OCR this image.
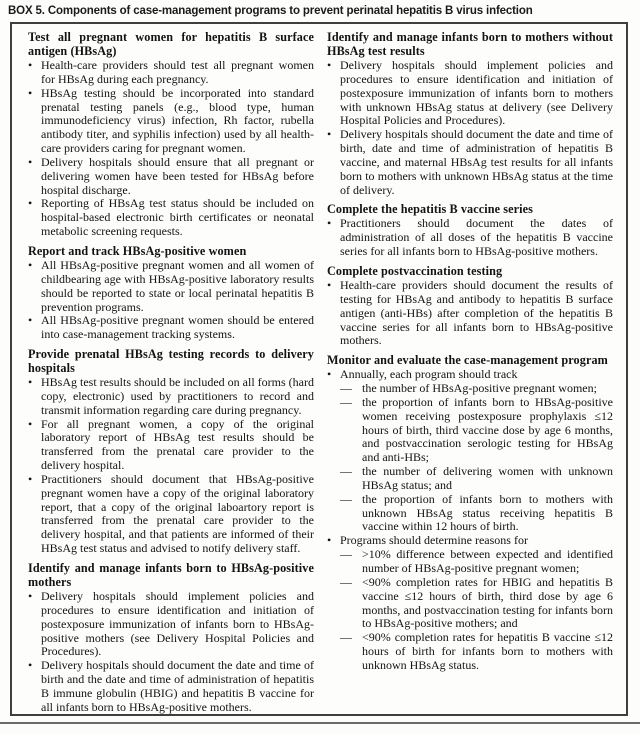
BOX 5. Components of case-management programs to prevent perinatal hepatitis B virus infection
Test all pregnant women for hepatitis B surface antigen (HBsAg)
• Health-care providers should test all pregnant women for HBsAg during each pregnancy.
• HBsAg testing should be incorporated into standard prenatal testing panels (e.g., blood type, human immunodeficiency virus) infection, Rh factor, rubella antibody titer, and syphilis infection) used by all health-care providers caring for pregnant women.
• Delivery hospitals should ensure that all pregnant or delivering women have been tested for HBsAg before hospital discharge.
• Reporting of HBsAg test status should be included on hospital-based electronic birth certificates or neonatal metabolic screening requests.
Report and track HBsAg-positive women
• All HBsAg-positive pregnant women and all women of childbearing age with HBsAg-positive laboratory results should be reported to state or local perinatal hepatitis B prevention programs.
• All HBsAg-positive pregnant women should be entered into case-management tracking systems.
Provide prenatal HBsAg testing records to delivery hospitals
• HBsAg test results should be included on all forms (hard copy, electronic) used by practitioners to record and transmit information regarding care during pregnancy.
• For all pregnant women, a copy of the original laboratory report of HBsAg test results should be transferred from the prenatal care provider to the delivery hospital.
• Practitioners should document that HBsAg-positive pregnant women have a copy of the original laboratory report, that a copy of the original laboartory report is transferred from the prenatal care provider to the delivery hospital, and that patients are informed of their HBsAg test status and advised to notify delivery staff.
Identify and manage infants born to HBsAg-positive mothers
• Delivery hospitals should implement policies and procedures to ensure identification and initiation of postexposure immunization of infants born to HBsAg-positive mothers (see Delivery Hospital Policies and Procedures).
• Delivery hospitals should document the date and time of birth and the date and time of administration of hepatitis B immune globulin (HBIG) and hepatitis B vaccine for all infants born to HBsAg-positive mothers.
Identify and manage infants born to mothers without HBsAg test results
• Delivery hospitals should implement policies and procedures to ensure identification and initiation of postexposure immunization of infants born to mothers with unknown HBsAg status at delivery (see Delivery Hospital Policies and Procedures).
• Delivery hospitals should document the date and time of birth, date and time of administration of hepatitis B vaccine, and maternal HBsAg test results for all infants born to mothers with unknown HBsAg status at the time of delivery.
Complete the hepatitis B vaccine series
• Practitioners should document the dates of administration of all doses of the hepatitis B vaccine series for all infants born to HBsAg-positive mothers.
Complete postvaccination testing
• Health-care providers should document the results of testing for HBsAg and antibody to hepatitis B surface antigen (anti-HBs) after completion of the hepatitis B vaccine series for all infants born to HBsAg-positive mothers.
Monitor and evaluate the case-management program
• Annually, each program should track
— the number of HBsAg-positive pregnant women;
— the proportion of infants born to HBsAg-positive women receiving postexposure prophylaxis ≤12 hours of birth, third vaccine dose by age 6 months, and postvaccination serologic testing for HBsAg and anti-HBs;
— the number of delivering women with unknown HBsAg status; and
— the proportion of infants born to mothers with unknown HBsAg status receiving hepatitis B vaccine within 12 hours of birth.
• Programs should determine reasons for
— >10% difference between expected and identified number of HBsAg-positive pregnant women;
— <90% completion rates for HBIG and hepatitis B vaccine ≤12 hours of birth, third dose by age 6 months, and postvaccination testing for infants born to HBsAg-positive mothers; and
— <90% completion rates for hepatitis B vaccine ≤12 hours of birth for infants born to mothers with unknown HBsAg status.
